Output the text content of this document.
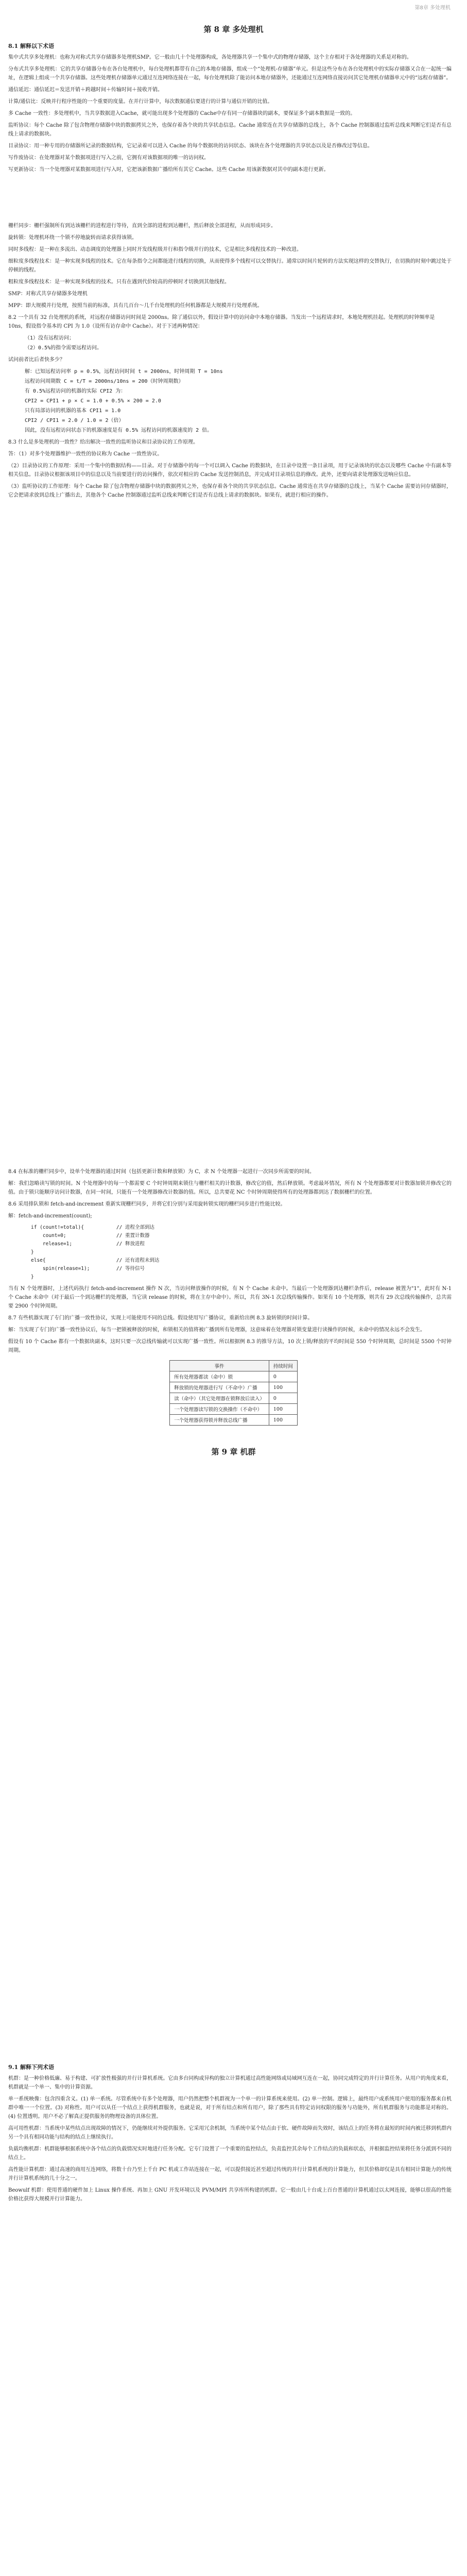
第8章 多处理机
第 8 章 多处理机
8.1 解释以下术语

集中式共享多处理机：也称为对称式共享存储器多处理机SMP。它一般由几十个处理器构成，各处理器共享一个集中式的物理存储器，这个主存相对于各处理器的关系是对称的。

分布式共享多处理机：它的共享存储器分布在各台处理机中，每台处理机都带有自己的本地存储器，组成一个“处理机-存储器”单元。但是这些分布在各台处理机中的实际存储器又合在一起统一编址，在逻辑上组成一个共享存储器。这些处理机存储器单元通过互连网络连接在一起，每台处理机除了能访问本地存储器外，还能通过互连网络直接访问其它处理机存储器单元中的“远程存储器”。

通信延迟：通信延迟＝发送开销＋跨越时间＋传输时间＋接收开销。

计算/通信比：反映并行程序性能的一个重要的度量。在并行计算中，每次数据通信要进行的计算与通信开销的比值。

多 Cache 一致性：多处理机中，当共享数据进入Cache，就可能出现多个处理器的 Cache中存有同一存储器块的副本，要保证多个副本数据是一致的。

监听协议：每个 Cache 除了包含物理存储器中块的数据拷贝之外，也保存着各个块的共享状态信息。Cache 通常连在共享存储器的总线上，各个 Cache 控制器通过监听总线来判断它们是否有总线上请求的数据块。

目录协议：用一种专用的存储器所记录的数据结构，它记录着可以进入 Cache 的每个数据块的访问状态、该块在各个处理器的共享状态以及是否修改过等信息。

写作废协议：在处理器对某个数据项进行写入之前，它拥有对该数据项的唯一的访问权。

写更新协议：当一个处理器对某数据项进行写入时，它把该新数据广播给所有其它 Cache。这些 Cache 用该新数据对其中的副本进行更新。

栅栏同步：栅栏强制所有到达该栅栏的进程进行等待，直到全部的进程到达栅栏，然后释放全部进程，从而形成同步。

旋转锁：处理机环绕一个锁不停地旋转而请求获得该锁。

同时多线程：是一种在多流出、动态调度的处理器上同时开发线程级并行和指令级并行的技术，它是相比多线程技术的一种改进。

细粒度多线程技术：是一种实现多线程的技术。它在每条指令之间都能进行线程的切换，从而使得多个线程可以交替执行。通常以时间片轮转的方法实现这样的交替执行，在切换的时刻中跳过处于停顿的线程。

粗粒度多线程技术：是一种实现多线程的技术。只有在遇到代价较高的停顿时才切换到其他线程。

SMP：对称式共享存储器多处理机

MPP：即大规模并行处理，按照当前的标准，具有几百台～几千台处理机的任何机器都是大规模并行处理系统。

8.2 一个具有 32 台处理机的系统，对远程存储器访问时间是 2000ns。除了通信以外，假设计算中的访问命中本地存储器。当发出一个远程请求时，本地处理机挂起。处理机的时钟频率是 10ns，假设指令基本的 CPI 为 1.0（设所有访存命中 Cache）。对于下述两种情况：

（1）没有远程访问；

（2）0.5%的指令需要远程访问。

试问前者比后者快多少？

解：已知远程访问率 p = 0.5%，远程访问时间 t = 2000ns，时钟周期 T = 10ns

远程访问周期数 C = t/T = 2000ns/10ns = 200（时钟周期数）

有 0.5%远程访问的机器的实际 CPI2 为：

CPI2 = CPI1 + p × C = 1.0 + 0.5% × 200 = 2.0

只有局部访问的机器的基本 CPI1 = 1.0

CPI2 / CPI1 = 2.0 / 1.0 = 2（倍）

因此，没有远程访问状态下的机器速度是有 0.5% 远程访问的机器速度的 2 倍。

8.3 什么是多处理机的一致性？给出解决一致性的监听协议和目录协议的工作原理。

答：（1）对多个处理器维护一致性的协议称为 Cache 一致性协议。

（2）目录协议的工作原理：采用一个集中的数据结构——目录。对于存储器中的每一个可以调入 Cache 的数据块，在目录中设置一条目录项，用于记录该块的状态以及哪些 Cache 中有副本等相关信息。目录协议根据该项目中的信息以及当前要进行的访问操作，依次对相应的 Cache 发送控制消息，并完成对目录项信息的修改。此外，还要向请求处理器发送响应信息。

（3）监听协议的工作原理：每个 Cache 除了包含物理存储器中块的数据拷贝之外，也保存着各个块的共享状态信息。Cache 通常连在共享存储器的总线上，当某个 Cache 需要访问存储器时，它会把请求放到总线上广播出去，其他各个 Cache 控制器通过监听总线来判断它们是否有总线上请求的数据块。如果有，就进行相应的操作。

8.4 在标准的栅栏同步中，设单个处理器的通过时间（包括更新计数和释放锁）为 C，求 N 个处理器一起进行一次同步所需要的时间。

解：我们忽略读写锁的时间。N 个处理器中的每一个都需要 C 个时钟周期来锁住与栅栏相关的计数器，修改它的值，然后释放锁。考虑最坏情况，所有 N 个处理器都要对计数器加锁并修改它的值。由于锁只能顺序访问计数器，在同一时间，只能有一个处理器修改计数器的值。所以，总共要花 NC 个时钟周期使得所有的处理器都到达了数据栅栏的位置。

8.6 采用排队锁和 fetch-and-increment 重新实现栅栏同步，并将它们分别与采用旋转锁实现的栅栏同步进行性能比较。

解：fetch-and-increment(count);

if (count!=total){           // 进程全部到达
count=0;                 // 重置计数器
release=1;               // 释放进程
}
else{                        // 还有进程未到达
spin(release=1);         // 等待信号
}

当有 N 个处理器时，上述代码执行 fetch-and-increment 操作 N 次，当访问释放操作的时候，有 N 个 Cache 未命中。当最后一个处理器到达栅栏条件后，release 被置为"1"，此时有 N-1 个 Cache 未命中（对于最后一个到达栅栏的处理器，当它读 release 的时候，将在主存中命中）。所以，共有 3N-1 次总线传输操作。如果有 10 个处理器，则共有 29 次总线传输操作，总共需要 2900 个时钟周期。

8.7 有些机器实现了专门的广播一致性协议，实现上可能使用不同的总线。假设使用写广播协议，重新给出例 8.3 旋转锁的时间计算。

解：当实现了专门的广播一致性协议后，每当一把锁被释放的时候，和锁相关的值将被广播到所有处理器，这意味着在处理器对锁变量进行读操作的时候，未命中的情况永远不会发生。

假设有 10 个 Cache 都有一个数据块副本，这时只要一次总线传输就可以实现广播一致性。所以根据例 8.3 的推导方法，10 次上锁/释放的平均时间是 550 个时钟周期，总时间是 5500 个时钟周期。

事件	持续时间
所有处理器都读（命中）锁	0
释放锁的处理器进行写（不命中）广播	100
读（命中）（其它处理器在锁释放后读入）	0
一个处理器读写锁的交换操作（不命中）	100
一个处理器获得锁并释放总线广播	100
第 9 章 机群
9.1 解释下列术语

机群：是一种价格低廉、易于构建、可扩放性极强的并行计算机系统。它由多台同构或异构的独立计算机通过高性能网络或局域网互连在一起，协同完成特定的并行计算任务。从用户的角度来看，机群就是一个单一、集中的计算资源。

单一系统映像：包含四重含义。(1) 单一系统。尽管系统中有多个处理器，用户仍然把整个机群视为一个单一的计算系统来使用。(2) 单一控制。逻辑上，最终用户或系统用户使用的服务都来自机群中唯一一个位置。(3) 对称性。用户可以从任一个结点上获得机群服务，也就是说，对于所有结点和所有用户，除了那些具有特定访问权限的服务与功能外，所有机群服务与功能都是对称的。(4) 位置透明。用户不必了解真正提供服务的物理设备的具体位置。

高可用性机群：当系统中某些结点出现故障的情况下，仍能继续对外提供服务。它采用冗余机制，当系统中某个结点由于软、硬件故障而失效时，该结点上的任务将在最短的时间内被迁移到机群内另一个具有相同功能与结构的结点上继续执行。

负载均衡机群：机群能够根据系统中各个结点的负载情况实时地进行任务分配。它专门设置了一个重要的监控结点，负责监控其余每个工作结点的负载和状态，并根据监控结果将任务分派到不同的结点上。

高性能计算机群：通过高速的商用互连网络，将数十台乃至上千台 PC 机或工作站连接在一起，可以提供接近甚至超过传统的并行计算机系统的计算能力，但其价格却仅是具有相同计算能力的传统并行计算机系统的几十分之一。

Beowulf 机群：使用普通的硬件加上 Linux 操作系统、再加上 GNU 开发环境以及 PVM/MPI 共享库所构建的机群。它一般由几十台或上百台普通的计算机通过以太网连接，能够以很高的性能价格比获得大规模并行计算能力。
